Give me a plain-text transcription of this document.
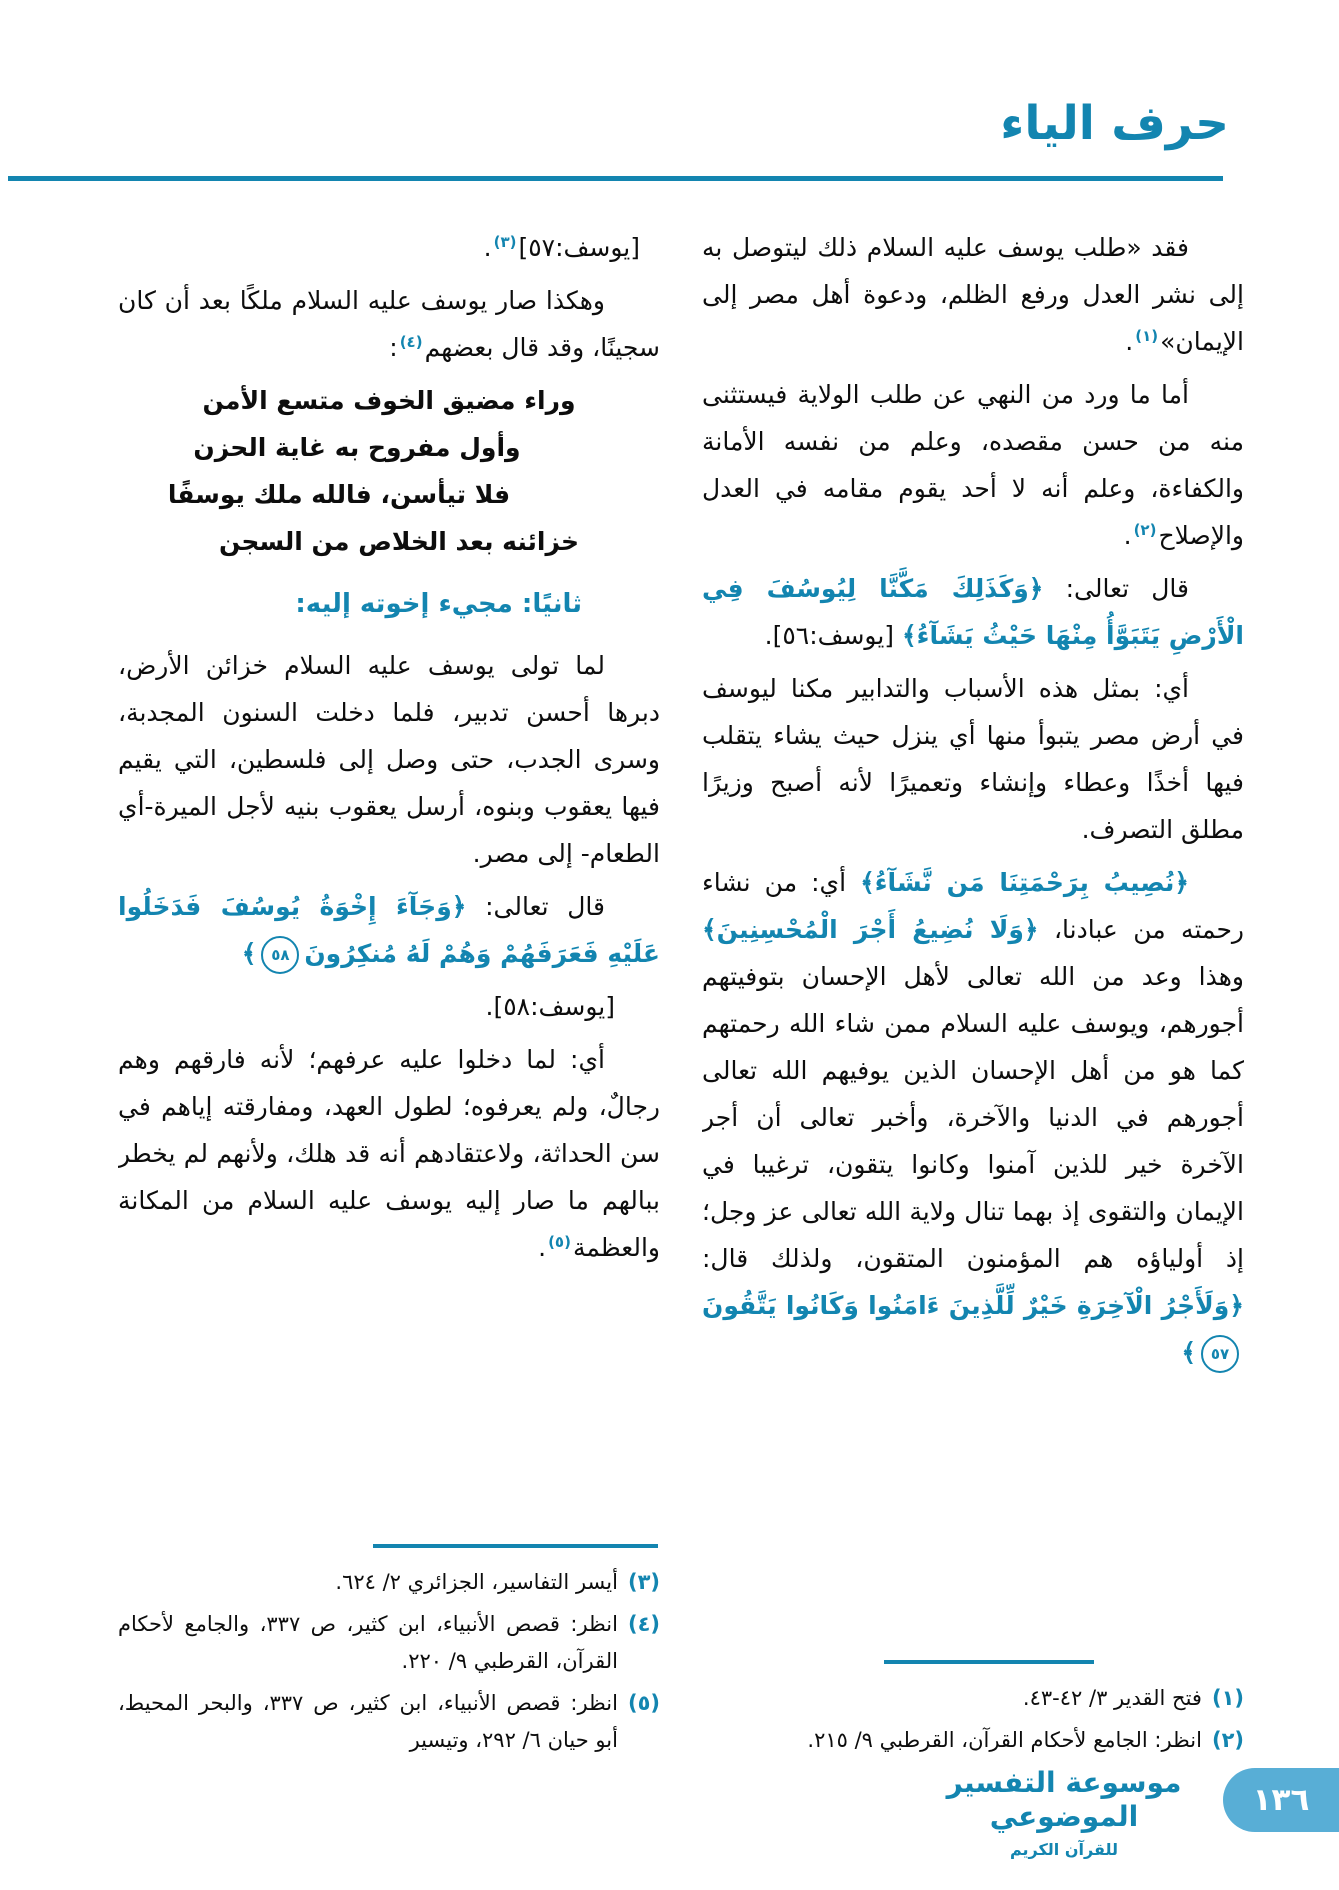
حرف الياء

فقد «طلب يوسف عليه السلام ذلك ليتوصل به إلى نشر العدل ورفع الظلم، ودعوة أهل مصر إلى الإيمان»$^{(١)}$.

أما ما ورد من النهي عن طلب الولاية فيستثنى منه من حسن مقصده، وعلم من نفسه الأمانة والكفاءة، وعلم أنه لا أحد يقوم مقامه في العدل والإصلاح$^{(٢)}$.

قال تعالى: ﴿وَكَذَلِكَ مَكَّنَّا لِيُوسُفَ فِي الْأَرْضِ يَتَبَوَّأُ مِنْهَا حَيْثُ يَشَآءُ﴾ [يوسف:٥٦].

أي: بمثل هذه الأسباب والتدابير مكنا ليوسف في أرض مصر يتبوأ منها أي ينزل حيث يشاء يتقلب فيها أخذًا وعطاء وإنشاء وتعميرًا لأنه أصبح وزيرًا مطلق التصرف.

﴿نُصِيبُ بِرَحْمَتِنَا مَن نَّشَآءُ﴾ أي: من نشاء رحمته من عبادنا، ﴿وَلَا نُضِيعُ أَجْرَ الْمُحْسِنِينَ﴾ وهذا وعد من الله تعالى لأهل الإحسان بتوفيتهم أجورهم، ويوسف عليه السلام ممن شاء الله رحمتهم كما هو من أهل الإحسان الذين يوفيهم الله تعالى أجورهم في الدنيا والآخرة، وأخبر تعالى أن أجر الآخرة خير للذين آمنوا وكانوا يتقون، ترغيبا في الإيمان والتقوى إذ بهما تنال ولاية الله تعالى عز وجل؛ إذ أولياؤه هم المؤمنون المتقون، ولذلك قال: ﴿وَلَأَجْرُ الْآخِرَةِ خَيْرٌ لِّلَّذِينَ ءَامَنُوا وَكَانُوا يَتَّقُونَ٥٧﴾

(١)
فتح القدير ٣/ ٤٢-٤٣.
(٢)
انظر: الجامع لأحكام القرآن، القرطبي ٩/ ٢١٥.

[يوسف:٥٧]$^{(٣)}$.

وهكذا صار يوسف عليه السلام ملكًا بعد أن كان سجينًا، وقد قال بعضهم$^{(٤)}$:

وراء مضيق الخوف متسع الأمن

وأول مفروح به غاية الحزن

فلا تيأسن، فالله ملك يوسفًا

خزائنه بعد الخلاص من السجن

ثانيًا: مجيء إخوته إليه:

لما تولى يوسف عليه السلام خزائن الأرض، دبرها أحسن تدبير، فلما دخلت السنون المجدبة، وسرى الجدب، حتى وصل إلى فلسطين، التي يقيم فيها يعقوب وبنوه، أرسل يعقوب بنيه لأجل الميرة-أي الطعام- إلى مصر.

قال تعالى: ﴿وَجَآءَ إِخْوَةُ يُوسُفَ فَدَخَلُوا عَلَيْهِ فَعَرَفَهُمْ وَهُمْ لَهُ مُنكِرُونَ٥٨﴾

[يوسف:٥٨].

أي: لما دخلوا عليه عرفهم؛ لأنه فارقهم وهم رجالٌ، ولم يعرفوه؛ لطول العهد، ومفارقته إياهم في سن الحداثة، ولاعتقادهم أنه قد هلك، ولأنهم لم يخطر ببالهم ما صار إليه يوسف عليه السلام من المكانة والعظمة$^{(٥)}$.

(٣)
أيسر التفاسير، الجزائري ٢/ ٦٢٤.
(٤)
انظر: قصص الأنبياء، ابن كثير، ص ٣٣٧، والجامع لأحكام القرآن، القرطبي ٩/ ٢٢٠.
(٥)
انظر: قصص الأنبياء، ابن كثير، ص ٣٣٧، والبحر المحيط، أبو حيان ٦/ ٢٩٢، وتيسير
موسوعة التفسير الموضوعي
للقرآن الكريم
١٣٦
